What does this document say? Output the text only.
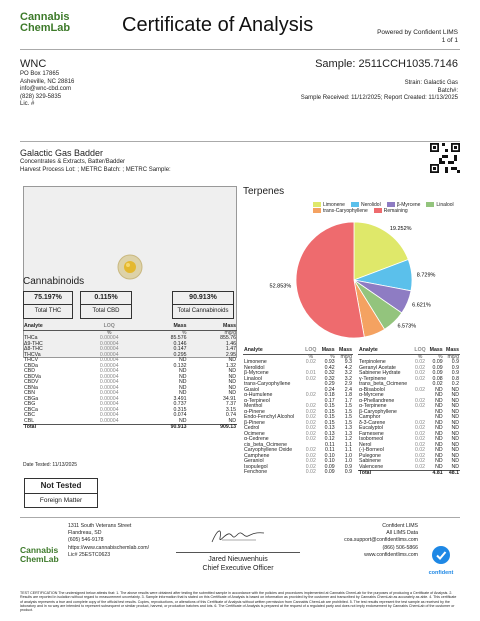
Cannabis
ChemLab	Certificate of Analysis	Powered by Confident LIMS
1 of 1
WNC
PO Box 17865
Asheville, NC 28816
info@wnc-cbd.com
(828) 329-5835
Lic. #
Sample: 2511CCH1035.7146
Strain: Galactic Gas
Batch#:
Sample Received: 11/12/2025; Report Created: 11/13/2025
Galactic Gas Badder
Concentrates & Extracts, Batter/Badder
Harvest Process Lot: ; METRC Batch: ; METRC Sample:
Cannabinoids
75.197%
Total THC
0.115%
Total CBD
90.913%
Total Cannabinoids
Analyte	LOQ	Mass	Mass
	%	%	mg/g
THCa	0.00004	85.576	855.76
Δ9-THC	0.00004	0.146	1.46
Δ8-THC	0.00004	0.147	1.47
THCVa	0.00004	0.295	2.95
THCV	0.00004	ND	ND
CBDa	0.00004	0.132	1.32
CBD	0.00004	ND	ND
CBDVa	0.00004	ND	ND
CBDV	0.00004	ND	ND
CBNa	0.00004	ND	ND
CBN	0.00004	ND	ND
CBGa	0.00004	3.491	34.91
CBG	0.00004	0.737	7.37
CBCa	0.00004	0.315	3.15
CBC	0.00004	0.074	0.74
CBL	0.00004	ND	ND
Total		90.913	909.13
Date Tested: 11/13/2025
Not Tested
Foreign Matter
Terpenes
Limonene	Nerolidol	β-Myrcene	Linalool
trans-Caryophyllene	Remaining
19.252%
8.729%
6.621%
6.573%
52.853%
Analyte	LOQ	Mass	Mass
	%	%	mg/g
Limonene	0.02	0.93	9.3
Nerolidol		0.42	4.2
β-Myrcene	0.01	0.32	3.2
Linalool	0.02	0.32	3.2
trans-Caryophyllene		0.29	2.9
Guaiol		0.24	2.4
α-Humulene	0.02	0.18	1.8
α-Terpineol		0.17	1.7
Menthol	0.02	0.15	1.5
α-Pinene	0.02	0.15	1.5
Endo-Fenchyl Alcohol	0.02	0.15	1.5
β-Pinene	0.02	0.15	1.5
Cedrol	0.02	0.13	1.3
Ocimene	0.02	0.13	1.3
α-Cedrene	0.02	0.12	1.2
cis_beta_Ocimene		0.11	1.1
Caryophyllene Oxide	0.02	0.11	1.1
Camphene	0.02	0.10	1.0
Geraniol	0.02	0.10	1.0
Isopulegol	0.02	0.09	0.9
Fenchone	0.02	0.09	0.9
Analyte	LOQ	Mass	Mass
	%	%	mg/g
Terpinolene	0.02	0.09	0.9
Geranyl Acetate	0.02	0.09	0.9
Sabinene Hydrate	0.02	0.09	0.9
γ-Terpinene	0.02	0.08	0.8
trans_beta_Ocimene		0.02	0.2
α-Bisabolol	0.02	ND	ND
α-Myrcene		ND	ND
α-Phellandrene	0.02	ND	ND
α-Terpinene	0.02	ND	ND
β-Caryophyllene		ND	ND
Camphor		ND	ND
δ-3-Carene	0.02	ND	ND
Eucalyptol	0.02	ND	ND
Farnesene	0.02	ND	ND
Isoborneol	0.02	ND	ND
Nerol	0.02	ND	ND
(-)-Borneol	0.02	ND	ND
Pulegone	0.02	ND	ND
Sabinene	0.02	ND	ND
Valencene	0.02	ND	ND
Total		4.81	48.1
Cannabis
ChemLab
1311 South Veterans Street
Flandreau, SD
(605) 546-9178
https://www.cannabischemlab.com/
Lic# 25ESTC0623
Jared Nieuwenhuis
Chief Executive Officer
Confident LIMS
All LIMS Data
coa.support@confidentlims.com
(866) 506-5866
www.confidentlims.com
confident
TEST CERTIFICATION The undersigned below attests that: 1. The above results were obtained after testing the submitted sample in accordance with the policies and procedures implemented at Cannabis ChemLab for the purposes of producing a Certificate of Analysis. 2. Results are reported in isolation without regard to measurement uncertainty. 3. Sample information that is stated on this Certificate of Analysis is based on information as provided by the customer and transcribed by Cannabis ChemLab as accurately as able. 4. This certificate of analysis represents a true and complete copy of the official test results. Copies, reproductions, or alterations of this Certificate of Analysis without written permission from Cannabis ChemLab are prohibited. 5. The test results represent the test sample as received by the laboratory and in no way are intended to represent subsequent or similar product, harvest, or production batches and lots. 6. The Certificate of Analysis is prepared at the request of a regulated party and does not imply endorsement by Cannabis ChemLab of the customer or product.
